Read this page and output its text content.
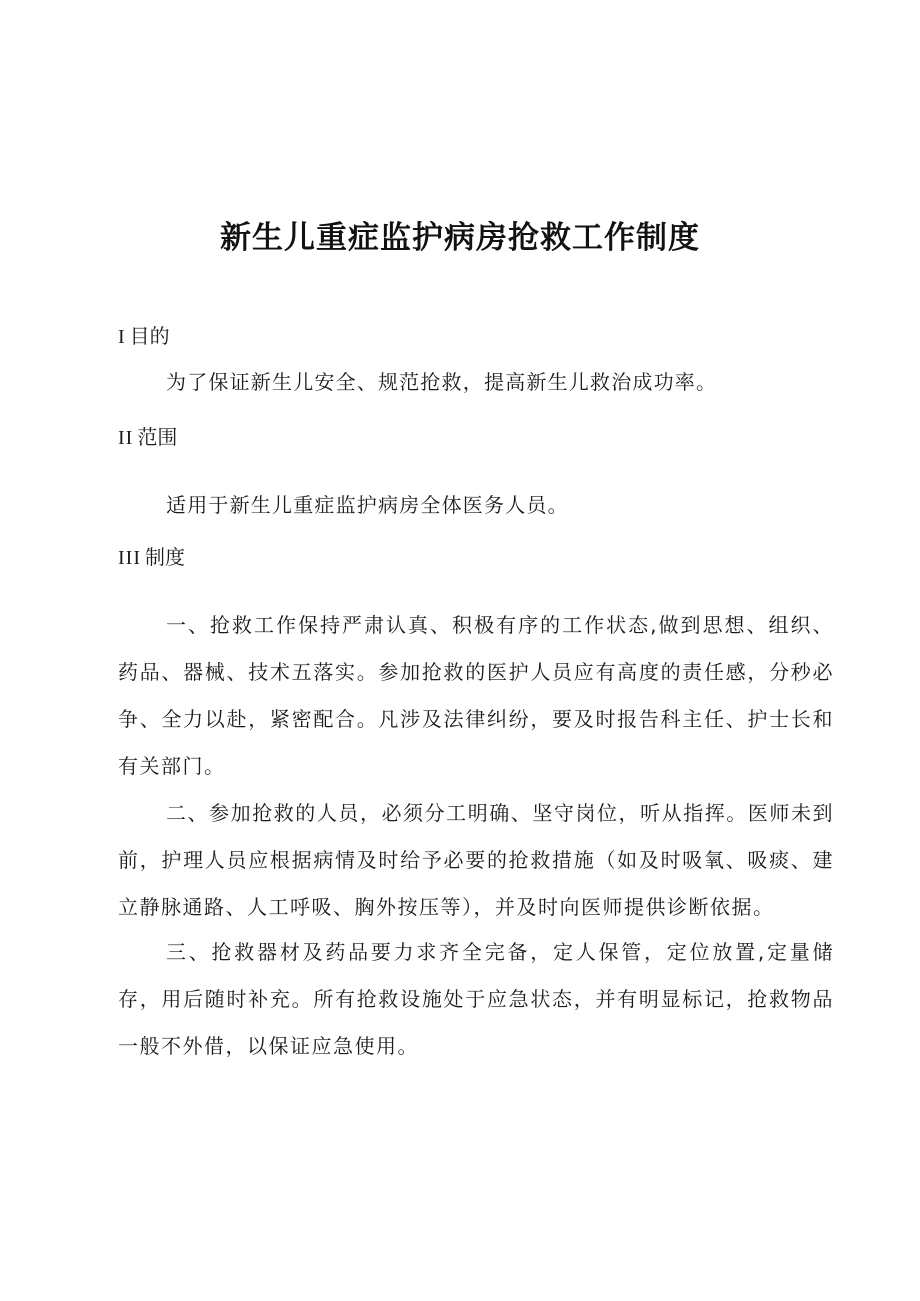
新生儿重症监护病房抢救工作制度
I 目的
为了保证新生儿安全、规范抢救，提高新生儿救治成功率。
II 范围
适用于新生儿重症监护病房全体医务人员。
III 制度
一、抢救工作保持严肃认真、积极有序的工作状态,做到思想、组织、药品、器械、技术五落实。参加抢救的医护人员应有高度的责任感，分秒必争、全力以赴，紧密配合。凡涉及法律纠纷，要及时报告科主任、护士长和有关部门。
二、参加抢救的人员，必须分工明确、坚守岗位，听从指挥。医师未到前，护理人员应根据病情及时给予必要的抢救措施（如及时吸氧、吸痰、建立静脉通路、人工呼吸、胸外按压等），并及时向医师提供诊断依据。
三、抢救器材及药品要力求齐全完备，定人保管，定位放置,定量储存，用后随时补充。所有抢救设施处于应急状态，并有明显标记，抢救物品一般不外借，以保证应急使用。
